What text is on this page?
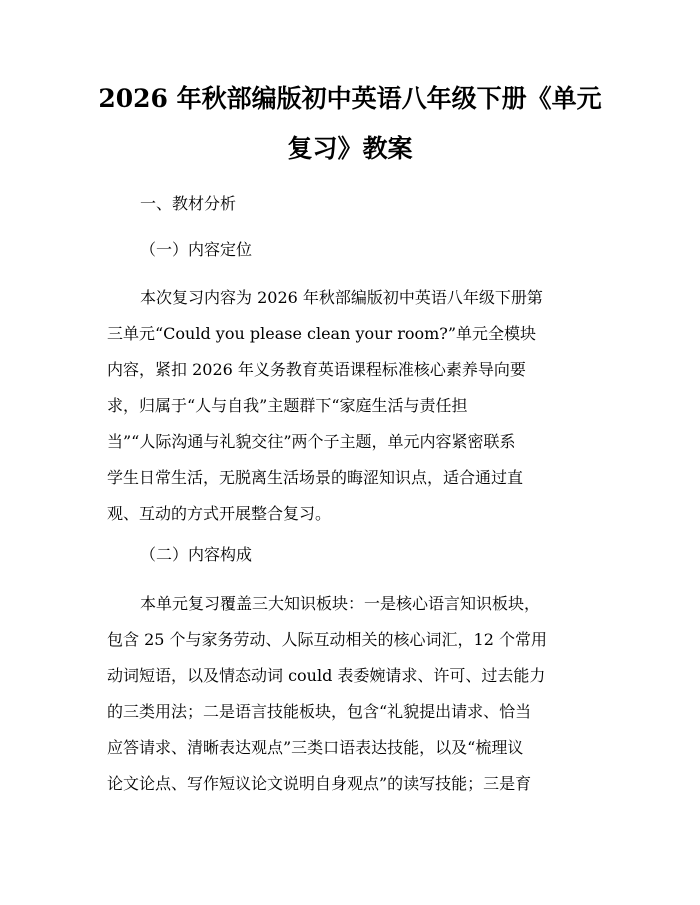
2026 年秋部编版初中英语八年级下册《单元
复习》教案
一、教材分析
（一）内容定位
本次复习内容为 2026 年秋部编版初中英语八年级下册第
三单元“Could you please clean your room?”单元全模块
内容，紧扣 2026 年义务教育英语课程标准核心素养导向要
求，归属于“人与自我”主题群下“家庭生活与责任担
当”“人际沟通与礼貌交往”两个子主题，单元内容紧密联系
学生日常生活，无脱离生活场景的晦涩知识点，适合通过直
观、互动的方式开展整合复习。
（二）内容构成
本单元复习覆盖三大知识板块：一是核心语言知识板块，
包含 25 个与家务劳动、人际互动相关的核心词汇，12 个常用
动词短语，以及情态动词 could 表委婉请求、许可、过去能力
的三类用法；二是语言技能板块，包含“礼貌提出请求、恰当
应答请求、清晰表达观点”三类口语表达技能，以及“梳理议
论文论点、写作短议论文说明自身观点”的读写技能；三是育
